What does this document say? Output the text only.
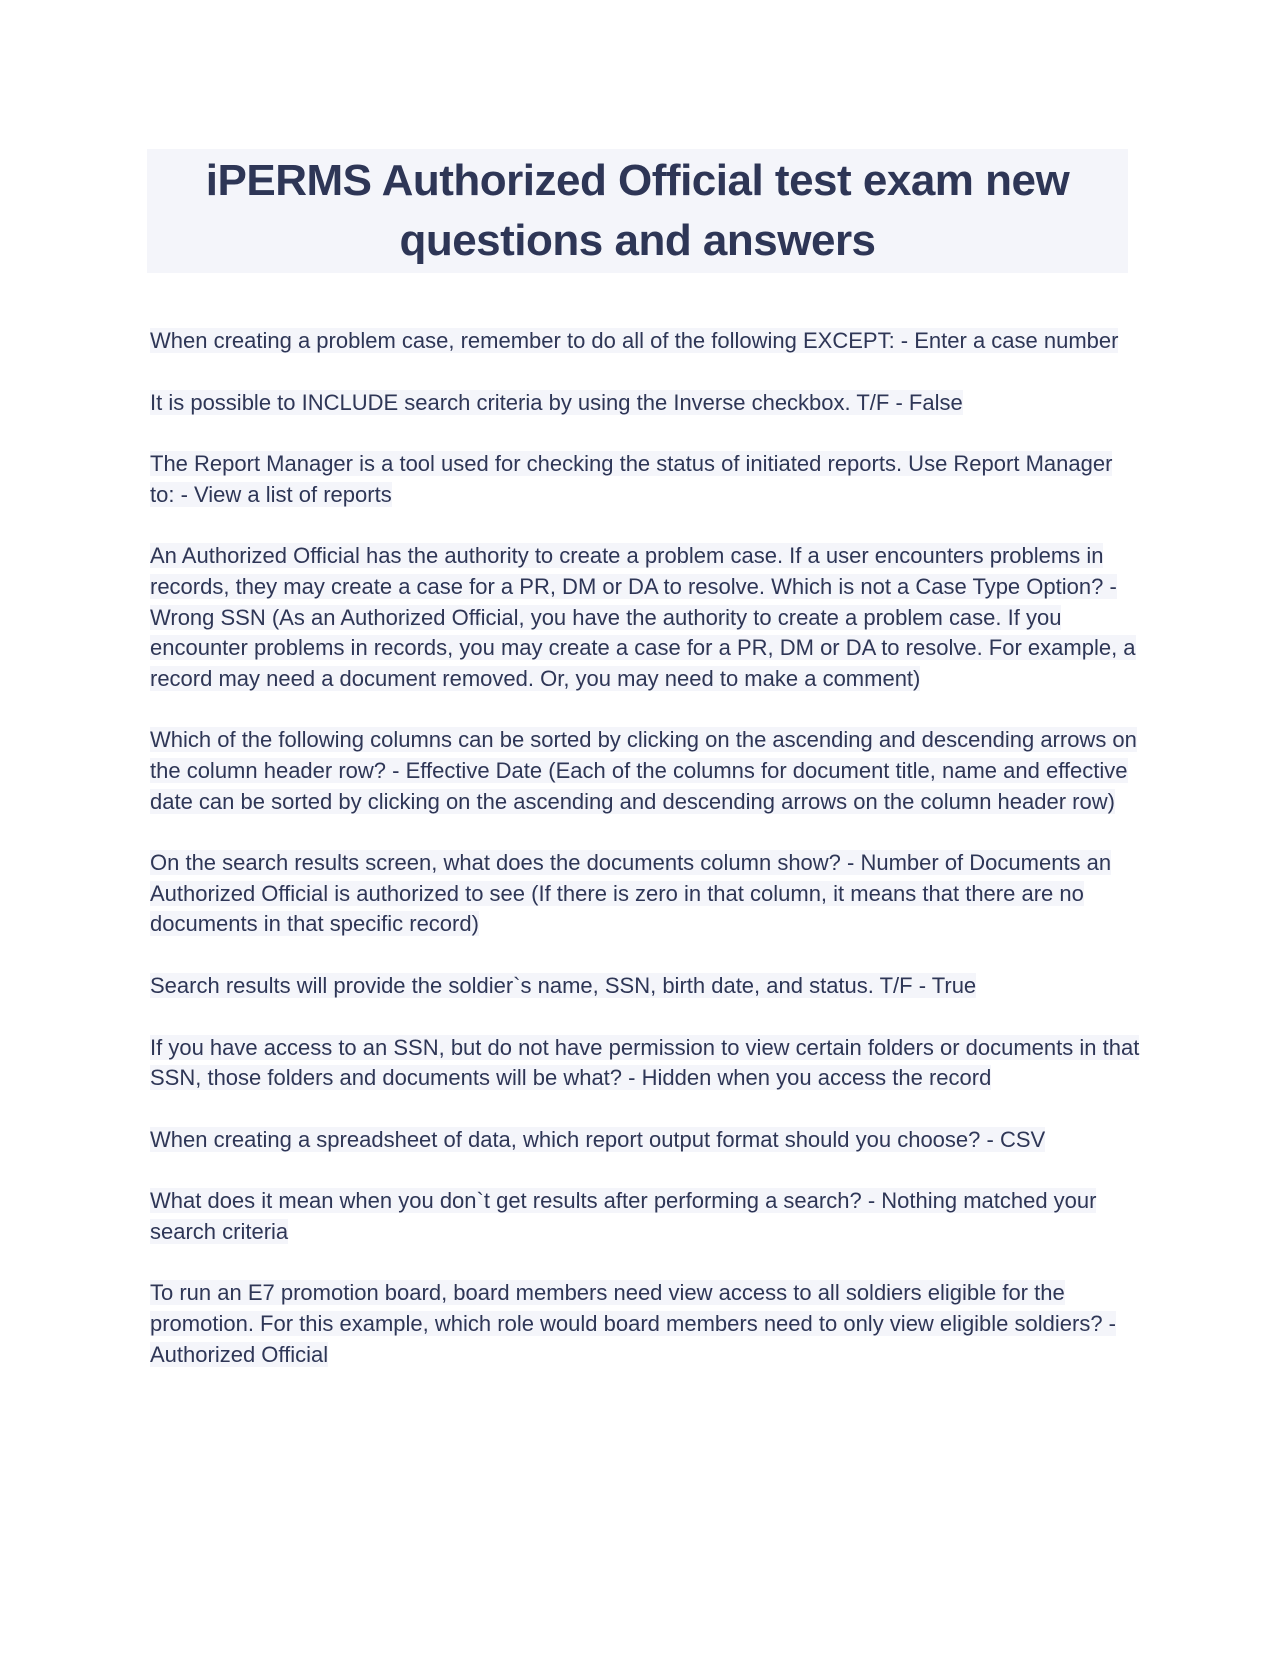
iPERMS Authorized Official test exam new questions and answers
When creating a problem case, remember to do all of the following EXCEPT: - Enter a case number
It is possible to INCLUDE search criteria by using the Inverse checkbox. T/F - False
The Report Manager is a tool used for checking the status of initiated reports. Use Report Manager to: - View a list of reports
An Authorized Official has the authority to create a problem case. If a user encounters problems in records, they may create a case for a PR, DM or DA to resolve. Which is not a Case Type Option? - Wrong SSN (As an Authorized Official, you have the authority to create a problem case. If you encounter problems in records, you may create a case for a PR, DM or DA to resolve. For example, a record may need a document removed. Or, you may need to make a comment)
Which of the following columns can be sorted by clicking on the ascending and descending arrows on the column header row? - Effective Date (Each of the columns for document title, name and effective date can be sorted by clicking on the ascending and descending arrows on the column header row)
On the search results screen, what does the documents column show? - Number of Documents an Authorized Official is authorized to see (If there is zero in that column, it means that there are no documents in that specific record)
Search results will provide the soldier`s name, SSN, birth date, and status. T/F - True
If you have access to an SSN, but do not have permission to view certain folders or documents in that SSN, those folders and documents will be what? - Hidden when you access the record
When creating a spreadsheet of data, which report output format should you choose? - CSV
What does it mean when you don`t get results after performing a search? - Nothing matched your search criteria
To run an E7 promotion board, board members need view access to all soldiers eligible for the promotion. For this example, which role would board members need to only view eligible soldiers? - Authorized Official
